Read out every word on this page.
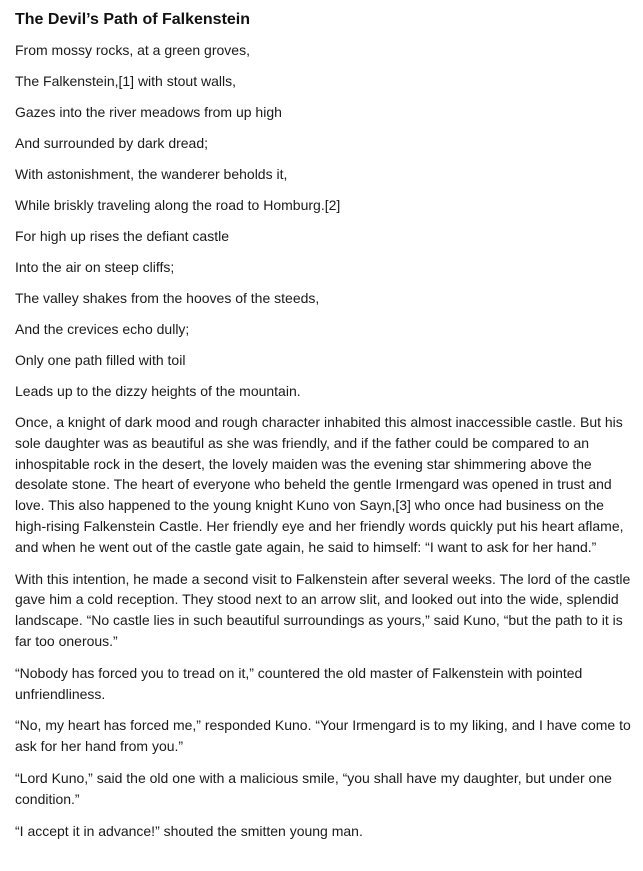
The Devil’s Path of Falkenstein

From mossy rocks, at a green groves,

The Falkenstein,[1] with stout walls,

Gazes into the river meadows from up high

And surrounded by dark dread;

With astonishment, the wanderer beholds it,

While briskly traveling along the road to Homburg.[2]

For high up rises the defiant castle

Into the air on steep cliffs;

The valley shakes from the hooves of the steeds,

And the crevices echo dully;

Only one path filled with toil

Leads up to the dizzy heights of the mountain.

Once, a knight of dark mood and rough character inhabited this almost inaccessible castle. But his sole daughter was as beautiful as she was friendly, and if the father could be compared to an inhospitable rock in the desert, the lovely maiden was the evening star shimmering above the desolate stone. The heart of everyone who beheld the gentle Irmengard was opened in trust and love. This also happened to the young knight Kuno von Sayn,[3] who once had business on the high-rising Falkenstein Castle. Her friendly eye and her friendly words quickly put his heart aflame, and when he went out of the castle gate again, he said to himself: “I want to ask for her hand.”

With this intention, he made a second visit to Falkenstein after several weeks. The lord of the castle gave him a cold reception. They stood next to an arrow slit, and looked out into the wide, splendid landscape. “No castle lies in such beautiful surroundings as yours,” said Kuno, “but the path to it is far too onerous.”

“Nobody has forced you to tread on it,” countered the old master of Falkenstein with pointed unfriendliness.

“No, my heart has forced me,” responded Kuno. “Your Irmengard is to my liking, and I have come to ask for her hand from you.”

“Lord Kuno,” said the old one with a malicious smile, “you shall have my daughter, but under one condition.”

“I accept it in advance!” shouted the smitten young man.
